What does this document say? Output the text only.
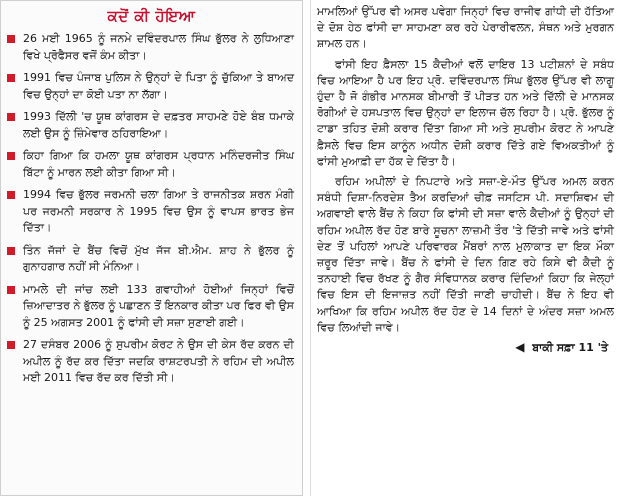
ਕਦੋਂ ਕੀ ਹੋਇਆ
26 ਮਈ 1965 ਨੂੰ ਜਨਮੇ ਦਵਿੰਦਰਪਾਲ ਸਿੰਘ ਭੁੱਲਰ ਨੇ ਲੁਧਿਆਣਾ ਵਿਖੇ ਪ੍ਰੋਫੈਸਰ ਵਜੋਂ ਕੰਮ ਕੀਤਾ।
1991 ਵਿਚ ਪੰਜਾਬ ਪੁਲਿਸ ਨੇ ਉਨ੍ਹਾਂ ਦੇ ਪਿਤਾ ਨੂੰ ਚੁੱਕਿਆ ਤੇ ਬਾਅਦ ਵਿਚ ਉਨ੍ਹਾਂ ਦਾ ਕੋਈ ਪਤਾ ਨਾ ਲੱਗਾ।
1993 ਦਿੱਲੀ 'ਚ ਯੂਥ ਕਾਂਗਰਸ ਦੇ ਦਫ਼ਤਰ ਸਾਹਮਣੇ ਹੋਏ ਬੰਬ ਧਮਾਕੇ ਲਈ ਉਸ ਨੂੰ ਜ਼ਿੰਮੇਵਾਰ ਠਹਿਰਾਇਆ।
ਕਿਹਾ ਗਿਆ ਕਿ ਹਮਲਾ ਯੂਥ ਕਾਂਗਰਸ ਪ੍ਰਧਾਨ ਮਨਿੰਦਰਜੀਤ ਸਿੰਘ ਬਿੱਟਾ ਨੂੰ ਮਾਰਨ ਲਈ ਕੀਤਾ ਗਿਆ ਸੀ।
1994 ਵਿਚ ਭੁੱਲਰ ਜਰਮਨੀ ਚਲਾ ਗਿਆ ਤੇ ਰਾਜਨੀਤਕ ਸ਼ਰਨ ਮੰਗੀ ਪਰ ਜਰਮਨੀ ਸਰਕਾਰ ਨੇ 1995 ਵਿਚ ਉਸ ਨੂੰ ਵਾਪਸ ਭਾਰਤ ਭੇਜ ਦਿੱਤਾ।
ਤਿੰਨ ਜੱਜਾਂ ਦੇ ਬੈਂਚ ਵਿਚੋਂ ਮੁੱਖ ਜੱਜ ਬੀ.ਐਮ. ਸ਼ਾਹ ਨੇ ਭੁੱਲਰ ਨੂੰ ਗੁਨਾਹਗਾਰ ਨਹੀਂ ਸੀ ਮੰਨਿਆ।
ਮਾਮਲੇ ਦੀ ਜਾਂਚ ਲਈ 133 ਗਵਾਹੀਆਂ ਹੋਈਆਂ ਜਿਨ੍ਹਾਂ ਵਿਚੋਂ ਜ਼ਿਆਦਾਤਰ ਨੇ ਭੁੱਲਰ ਨੂੰ ਪਛਾਣਨ ਤੋਂ ਇਨਕਾਰ ਕੀਤਾ ਪਰ ਫਿਰ ਵੀ ਉਸ ਨੂੰ 25 ਅਗਸਤ 2001 ਨੂੰ ਫਾਂਸੀ ਦੀ ਸਜ਼ਾ ਸੁਣਾਈ ਗਈ।
27 ਦਸੰਬਰ 2006 ਨੂੰ ਸੁਪਰੀਮ ਕੋਰਟ ਨੇ ਉਸ ਦੀ ਕੇਸ ਰੱਦ ਕਰਨ ਦੀ ਅਪੀਲ ਨੂੰ ਰੱਦ ਕਰ ਦਿੱਤਾ ਜਦਕਿ ਰਾਸ਼ਟਰਪਤੀ ਨੇ ਰਹਿਮ ਦੀ ਅਪੀਲ ਮਈ 2011 ਵਿਚ ਰੱਦ ਕਰ ਦਿੱਤੀ ਸੀ।

ਮਾਮਲਿਆਂ ਉੱਪਰ ਵੀ ਅਸਰ ਪਵੇਗਾ ਜਿਨ੍ਹਾਂ ਵਿਚ ਰਾਜੀਵ ਗਾਂਧੀ ਦੀ ਹੱਤਿਆ ਦੇ ਦੋਸ਼ ਹੇਠ ਫਾਂਸੀ ਦਾ ਸਾਹਮਣਾ ਕਰ ਰਹੇ ਪੇਰਾਰੀਵਲਨ, ਸੰਥਨ ਅਤੇ ਮੁਰਗਨ ਸ਼ਾਮਲ ਹਨ।

ਫਾਂਸੀ ਇਹ ਫ਼ੈਸਲਾ 15 ਕੈਦੀਆਂ ਵਲੋਂ ਦਾਇਰ 13 ਪਟੀਸ਼ਨਾਂ ਦੇ ਸਬੰਧ ਵਿਚ ਆਇਆ ਹੈ ਪਰ ਇਹ ਪ੍ਰੋ. ਦਵਿੰਦਰਪਾਲ ਸਿੰਘ ਭੁੱਲਰ ਉੱਪਰ ਵੀ ਲਾਗੂ ਹੁੰਦਾ ਹੈ ਜੋ ਗੰਭੀਰ ਮਾਨਸਕ ਬੀਮਾਰੀ ਤੋਂ ਪੀੜਤ ਹਨ ਅਤੇ ਦਿੱਲੀ ਦੇ ਮਾਨਸਕ ਰੋਗੀਆਂ ਦੇ ਹਸਪਤਾਲ ਵਿਚ ਉਨ੍ਹਾਂ ਦਾ ਇਲਾਜ ਚੱਲ ਰਿਹਾ ਹੈ। ਪ੍ਰੋ. ਭੁੱਲਰ ਨੂੰ ਟਾਡਾ ਤਹਿਤ ਦੋਸ਼ੀ ਕਰਾਰ ਦਿੱਤਾ ਗਿਆ ਸੀ ਅਤੇ ਸੁਪਰੀਮ ਕੋਰਟ ਨੇ ਆਪਣੇ ਫ਼ੈਸਲੇ ਵਿਚ ਇਸ ਕਾਨੂੰਨ ਅਧੀਨ ਦੋਸ਼ੀ ਕਰਾਰ ਦਿੱਤੇ ਗਏ ਵਿਅਕਤੀਆਂ ਨੂੰ ਫਾਂਸੀ ਮੁਆਫ਼ੀ ਦਾ ਹੱਕ ਦੇ ਦਿੱਤਾ ਹੈ।

ਰਹਿਮ ਅਪੀਲਾਂ ਦੇ ਨਿਪਟਾਰੇ ਅਤੇ ਸਜ਼ਾ-ਏ-ਮੌਤ ਉੱਪਰ ਅਮਲ ਕਰਨ ਸਬੰਧੀ ਦਿਸ਼ਾ-ਨਿਰਦੇਸ਼ ਤੈਅ ਕਰਦਿਆਂ ਚੀਫ਼ ਜਸਟਿਸ ਪੀ. ਸਦਾਸ਼ਿਵਮ ਦੀ ਅਗਵਾਈ ਵਾਲੇ ਬੈਂਚ ਨੇ ਕਿਹਾ ਕਿ ਫਾਂਸੀ ਦੀ ਸਜ਼ਾ ਵਾਲੇ ਕੈਦੀਆਂ ਨੂੰ ਉਨ੍ਹਾਂ ਦੀ ਰਹਿਮ ਅਪੀਲ ਰੱਦ ਹੋਣ ਬਾਰੇ ਸੂਚਨਾ ਲਾਜ਼ਮੀ ਤੌਰ 'ਤੇ ਦਿੱਤੀ ਜਾਵੇ ਅਤੇ ਫਾਂਸੀ ਦੇਣ ਤੋਂ ਪਹਿਲਾਂ ਆਪਣੇ ਪਰਿਵਾਰਕ ਮੈਂਬਰਾਂ ਨਾਲ ਮੁਲਾਕਾਤ ਦਾ ਇਕ ਮੌਕਾ ਜ਼ਰੂਰ ਦਿੱਤਾ ਜਾਵੇ। ਬੈਂਚ ਨੇ ਫਾਂਸੀ ਦੇ ਦਿਨ ਗਿਣ ਰਹੇ ਕਿਸੇ ਵੀ ਕੈਦੀ ਨੂੰ ਤਨਹਾਈ ਵਿਚ ਰੱਖਣ ਨੂੰ ਗੈਰ ਸੰਵਿਧਾਨਕ ਕਰਾਰ ਦਿੰਦਿਆਂ ਕਿਹਾ ਕਿ ਜੇਲ੍ਹਾਂ ਵਿਚ ਇਸ ਦੀ ਇਜਾਜ਼ਤ ਨਹੀਂ ਦਿੱਤੀ ਜਾਣੀ ਚਾਹੀਦੀ। ਬੈਂਚ ਨੇ ਇਹ ਵੀ ਆਖਿਆ ਕਿ ਰਹਿਮ ਅਪੀਲ ਰੱਦ ਹੋਣ ਦੇ 14 ਦਿਨਾਂ ਦੇ ਅੰਦਰ ਸਜ਼ਾ ਅਮਲ ਵਿਚ ਲਿਆਂਦੀ ਜਾਵੇ।

◀ ਬਾਕੀ ਸਫ਼ਾ 11 'ਤੇ
